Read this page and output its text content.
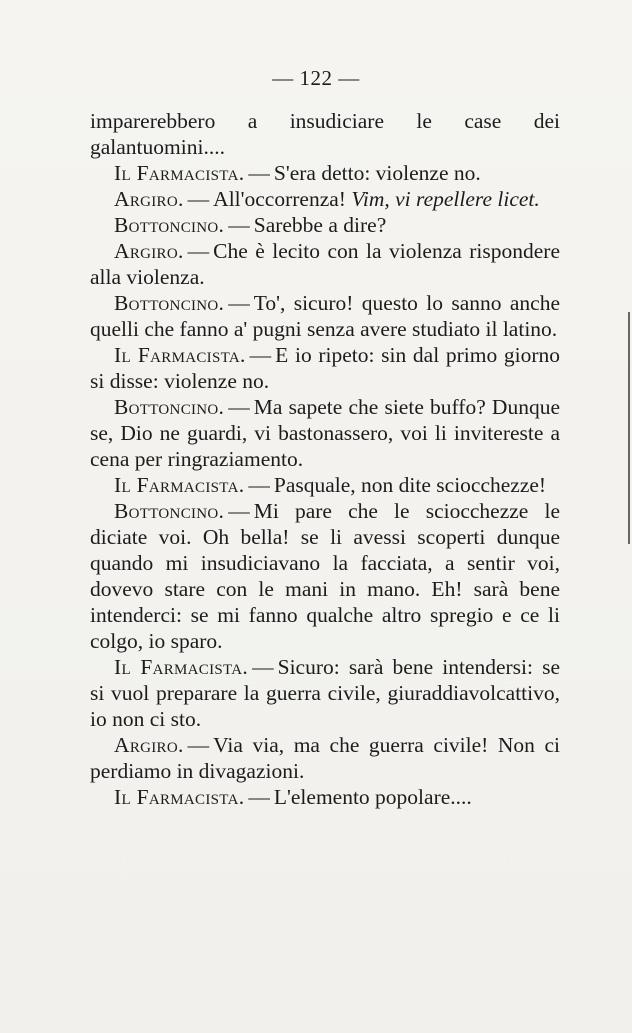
— 122 —

imparerebbero a insudiciare le case dei galantuomini....

Il Farmacista. — S'era detto: violenze no.

Argiro. — All'occorrenza! Vim, vi repellere licet.

Bottoncino. — Sarebbe a dire?

Argiro. — Che è lecito con la violenza rispondere alla violenza.

Bottoncino. — To', sicuro! questo lo sanno anche quelli che fanno a' pugni senza avere studiato il latino.

Il Farmacista. — E io ripeto: sin dal primo giorno si disse: violenze no.

Bottoncino. — Ma sapete che siete buffo? Dunque se, Dio ne guardi, vi bastonassero, voi li invitereste a cena per ringraziamento.

Il Farmacista. — Pasquale, non dite sciocchezze!

Bottoncino. — Mi pare che le sciocchezze le diciate voi. Oh bella! se li avessi scoperti dunque quando mi insudiciavano la facciata, a sentir voi, dovevo stare con le mani in mano. Eh! sarà bene intenderci: se mi fanno qualche altro spregio e ce li colgo, io sparo.

Il Farmacista. — Sicuro: sarà bene intendersi: se si vuol preparare la guerra civile, giuraddiavolcattivo, io non ci sto.

Argiro. — Via via, ma che guerra civile! Non ci perdiamo in divagazioni.

Il Farmacista. — L'elemento popolare....
